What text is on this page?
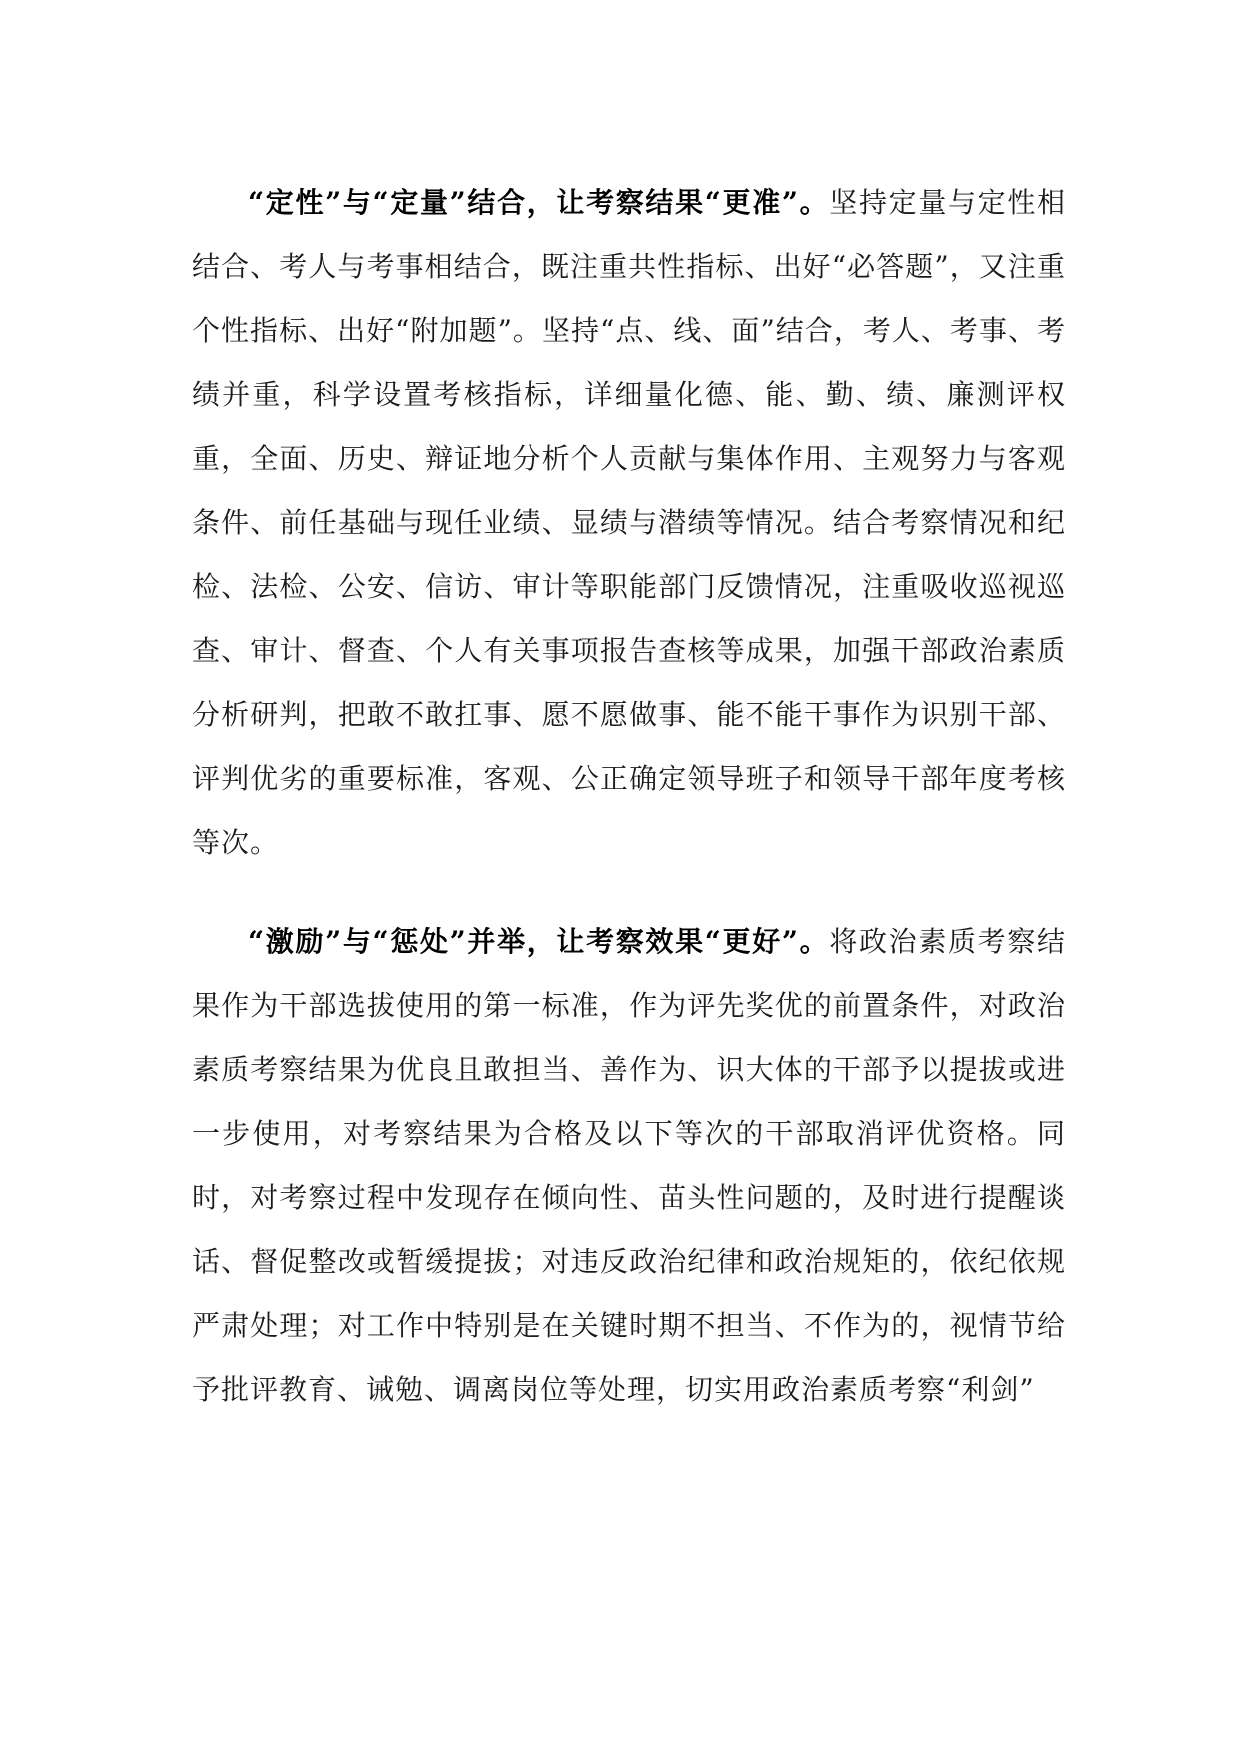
“定性”与“定量”结合，让考察结果“更准”。坚持定量与定性相结合、考人与考事相结合，既注重共性指标、出好“必答题”，又注重个性指标、出好“附加题”。坚持“点、线、面”结合，考人、考事、考绩并重，科学设置考核指标，详细量化德、能、勤、绩、廉测评权重，全面、历史、辩证地分析个人贡献与集体作用、主观努力与客观条件、前任基础与现任业绩、显绩与潜绩等情况。结合考察情况和纪检、法检、公安、信访、审计等职能部门反馈情况，注重吸收巡视巡查、审计、督查、个人有关事项报告查核等成果，加强干部政治素质分析研判，把敢不敢扛事、愿不愿做事、能不能干事作为识别干部、评判优劣的重要标准，客观、公正确定领导班子和领导干部年度考核等次。

“激励”与“惩处”并举，让考察效果“更好”。将政治素质考察结果作为干部选拔使用的第一标准，作为评先奖优的前置条件，对政治素质考察结果为优良且敢担当、善作为、识大体的干部予以提拔或进一步使用，对考察结果为合格及以下等次的干部取消评优资格。同时，对考察过程中发现存在倾向性、苗头性问题的，及时进行提醒谈话、督促整改或暂缓提拔；对违反政治纪律和政治规矩的，依纪依规严肃处理；对工作中特别是在关键时期不担当、不作为的，视情节给予批评教育、诫勉、调离岗位等处理，切实用政治素质考察“利剑”
